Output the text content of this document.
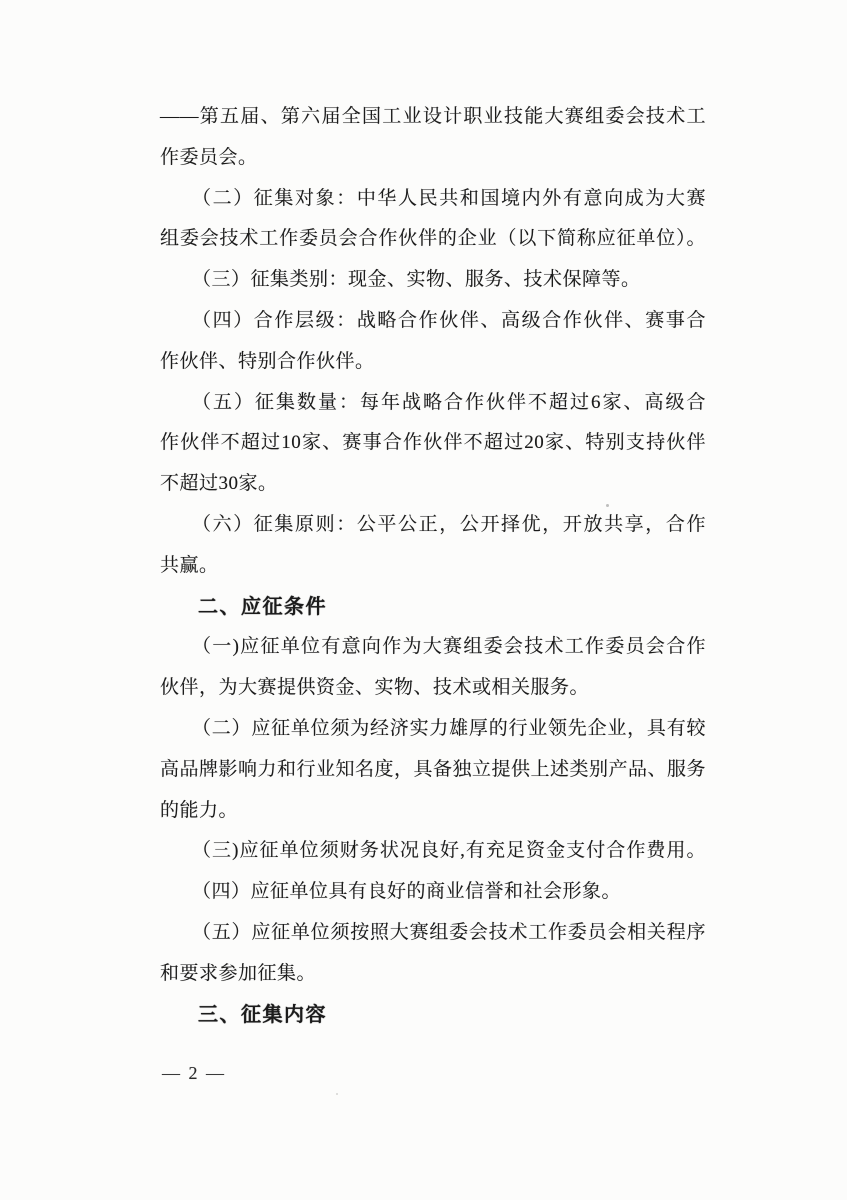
——第五届、第六届全国工业设计职业技能大赛组委会技术工
作委员会。
（二）征集对象：中华人民共和国境内外有意向成为大赛
组委会技术工作委员会合作伙伴的企业（以下简称应征单位）。
（三）征集类别：现金、实物、服务、技术保障等。
（四）合作层级：战略合作伙伴、高级合作伙伴、赛事合
作伙伴、特别合作伙伴。
（五）征集数量：每年战略合作伙伴不超过6家、高级合
作伙伴不超过10家、赛事合作伙伴不超过20家、特别支持伙伴
不超过30家。
（六）征集原则：公平公正，公开择优，开放共享，合作
共赢。
二、应征条件
（一)应征单位有意向作为大赛组委会技术工作委员会合作
伙伴，为大赛提供资金、实物、技术或相关服务。
（二）应征单位须为经济实力雄厚的行业领先企业，具有较
高品牌影响力和行业知名度，具备独立提供上述类别产品、服务
的能力。
（三)应征单位须财务状况良好,有充足资金支付合作费用。
（四）应征单位具有良好的商业信誉和社会形象。
（五）应征单位须按照大赛组委会技术工作委员会相关程序
和要求参加征集。
三、征集内容
— 2 —
